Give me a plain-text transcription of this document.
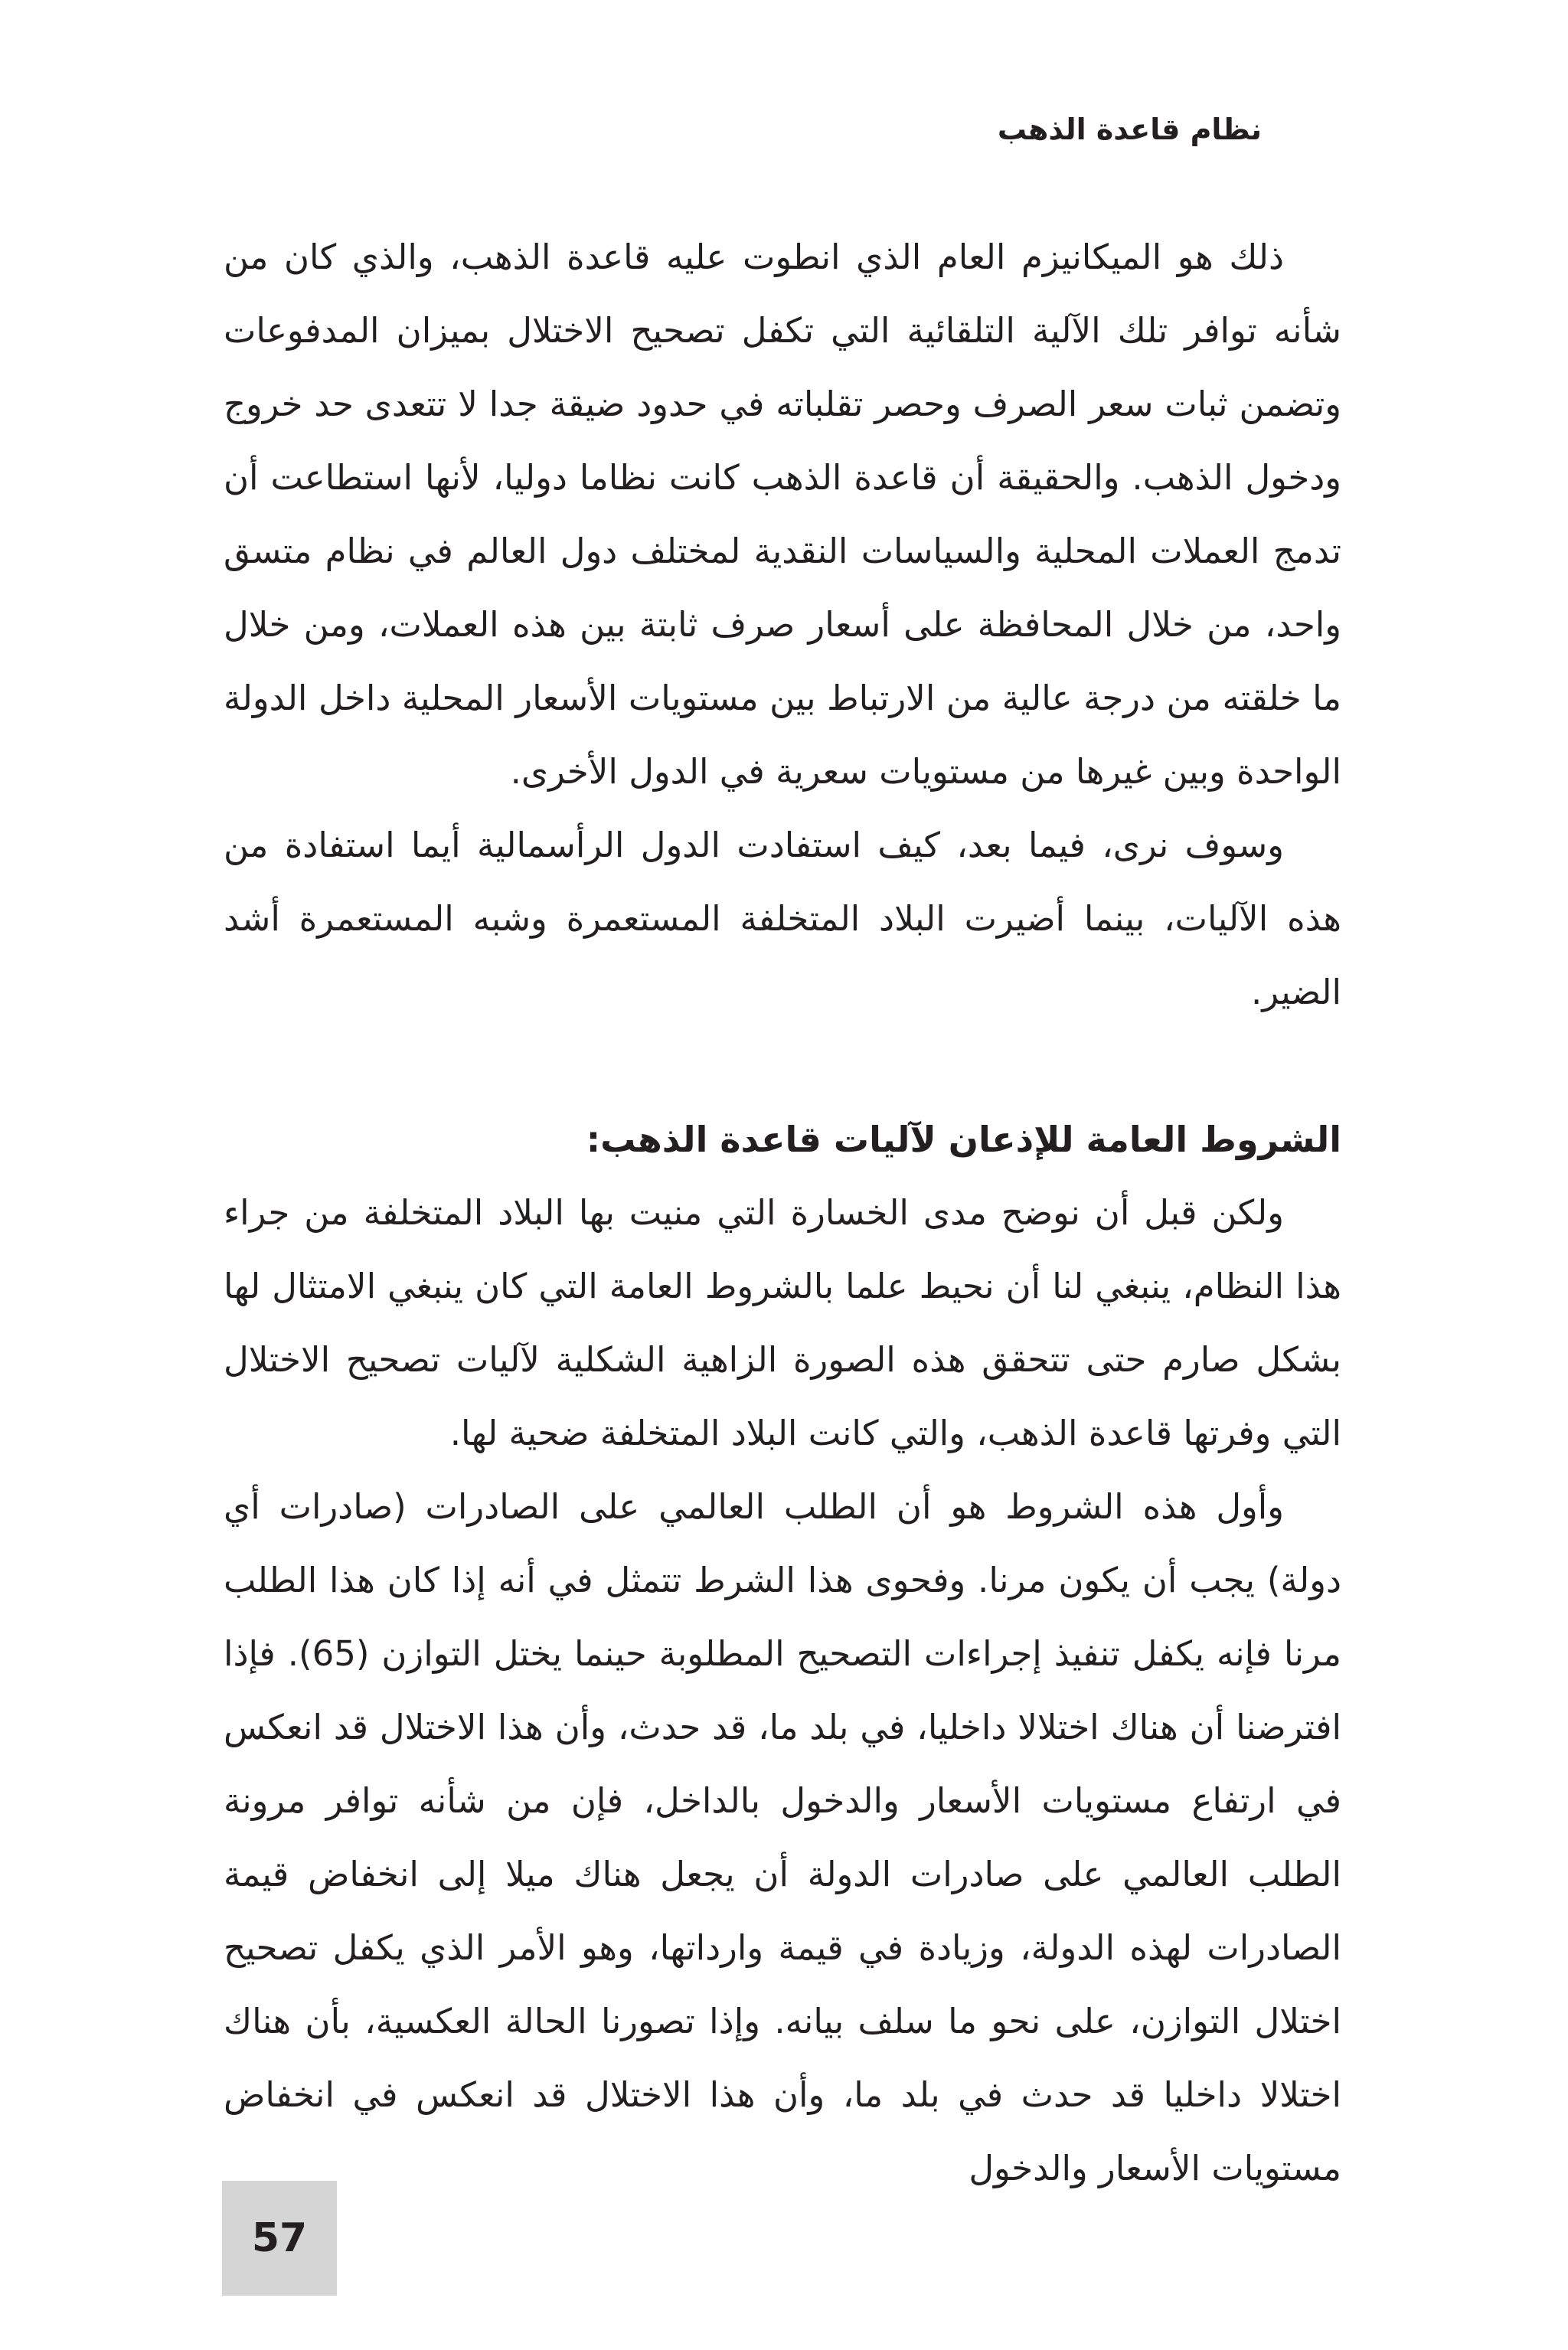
نظام قاعدة الذهب

ذلك هو الميكانيزم العام الذي انطوت عليه قاعدة الذهب، والذي كان من شأنه توافر تلك الآلية التلقائية التي تكفل تصحيح الاختلال بميزان المدفوعات وتضمن ثبات سعر الصرف وحصر تقلباته في حدود ضيقة جدا لا تتعدى حد خروج ودخول الذهب. والحقيقة أن قاعدة الذهب كانت نظاما دوليا، لأنها استطاعت أن تدمج العملات المحلية والسياسات النقدية لمختلف دول العالم في نظام متسق واحد، من خلال المحافظة على أسعار صرف ثابتة بين هذه العملات، ومن خلال ما خلقته من درجة عالية من الارتباط بين مستويات الأسعار المحلية داخل الدولة الواحدة وبين غيرها من مستويات سعرية في الدول الأخرى.

وسوف نرى، فيما بعد، كيف استفادت الدول الرأسمالية أيما استفادة من هذه الآليات، بينما أضيرت البلاد المتخلفة المستعمرة وشبه المستعمرة أشد الضير.

الشروط العامة للإذعان لآليات قاعدة الذهب:

ولكن قبل أن نوضح مدى الخسارة التي منيت بها البلاد المتخلفة من جراء هذا النظام، ينبغي لنا أن نحيط علما بالشروط العامة التي كان ينبغي الامتثال لها بشكل صارم حتى تتحقق هذه الصورة الزاهية الشكلية لآليات تصحيح الاختلال التي وفرتها قاعدة الذهب، والتي كانت البلاد المتخلفة ضحية لها.

وأول هذه الشروط هو أن الطلب العالمي على الصادرات (صادرات أي دولة) يجب أن يكون مرنا. وفحوى هذا الشرط تتمثل في أنه إذا كان هذا الطلب مرنا فإنه يكفل تنفيذ إجراءات التصحيح المطلوبة حينما يختل التوازن (65). فإذا افترضنا أن هناك اختلالا داخليا، في بلد ما، قد حدث، وأن هذا الاختلال قد انعكس في ارتفاع مستويات الأسعار والدخول بالداخل، فإن من شأنه توافر مرونة الطلب العالمي على صادرات الدولة أن يجعل هناك ميلا إلى انخفاض قيمة الصادرات لهذه الدولة، وزيادة في قيمة وارداتها، وهو الأمر الذي يكفل تصحيح اختلال التوازن، على نحو ما سلف بيانه. وإذا تصورنا الحالة العكسية، بأن هناك اختلالا داخليا قد حدث في بلد ما، وأن هذا الاختلال قد انعكس في انخفاض مستويات الأسعار والدخول

57
